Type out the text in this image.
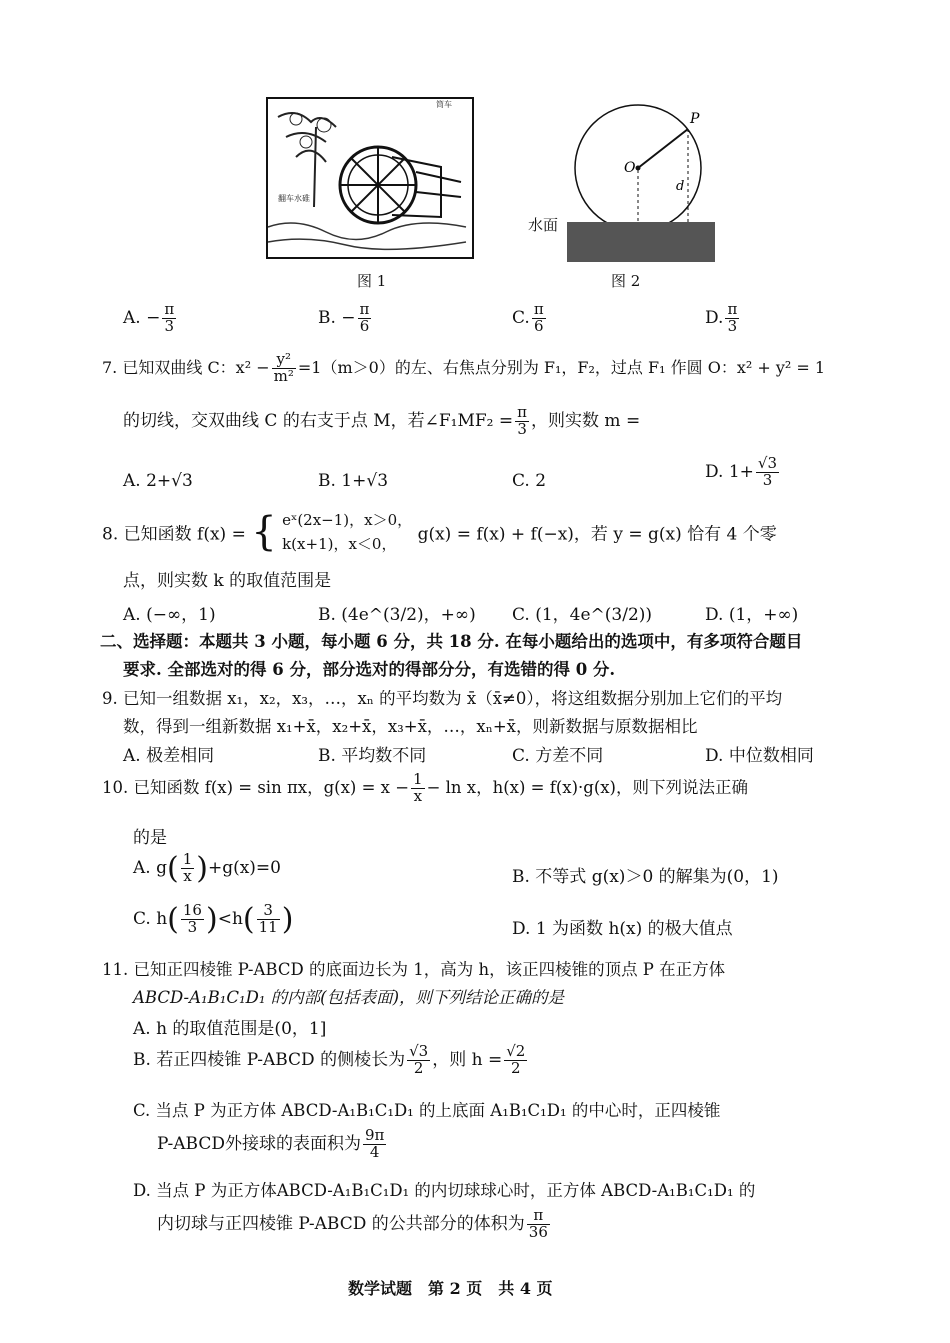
翻车水碓
筒车
图 1
P
O
d
水面
图 2
A. − $\frac{\pi}{3}$	B. − $\frac{\pi}{6}$	C. $\frac{\pi}{6}$	D. $\frac{\pi}{3}$
7. 已知双曲线 C：$x^2 - \frac{\text{y²}}{\text{m²}} =1(m>0)$的左、右焦点分别为 F₁，F₂，过点 F₁ 作圆 O：x² + y² = 1
的切线，交双曲线 C 的右支于点 M，若∠F₁MF₂ = $\frac{\pi}{3}$ ，则实数 m =
A. 2+√3	B. 1+√3	C. 2	D. $1+ \frac{√3}{3}$
8. 已知函数 f(x) = { eˣ(2x−1)，x＞0，
k(x+1)，x＜0，	g(x) = f(x) + f(−x)，若 y = g(x) 恰有 4 个零
点，则实数 k 的取值范围是
A. (−∞，1)	B. (4e^(3/2)，+∞) C. (1，4e^(3/2))	D. (1，+∞)
二、选择题：本题共 3 小题，每小题 6 分，共 18 分. 在每小题给出的选项中，有多项符合题目
要求. 全部选对的得 6 分，部分选对的得部分分，有选错的得 0 分.
9. 已知一组数据 x₁，x₂，x₃，…，xₙ 的平均数为 x̄（x̄≠0），将这组数据分别加上它们的平均
数，得到一组新数据 x₁+x̄，x₂+x̄，x₃+x̄，…，xₙ+x̄，则新数据与原数据相比
A. 极差相同	B. 平均数不同	C. 方差不同	D. 中位数相同
10. 已知函数 f(x) = sin πx，$g(x) = x - \frac{1}{x} - \ln x$，h(x) = f(x)·g(x)，则下列说法正确
的是
A. $g( \frac{1}{x} )+g(x)=0$	B. 不等式 g(x)＞0 的解集为(0，1)
C. $h( \frac{16}{3} )<h( \frac{3}{11}$ )	D. 1 为函数 h(x) 的极大值点
11. 已知正四棱锥 P-ABCD 的底面边长为 1，高为 h，该正四棱锥的顶点 P 在正方体
ABCD-A₁B₁C₁D₁ 的内部(包括表面)，则下列结论正确的是
A. h 的取值范围是(0，1]
B. 若正四棱锥 P-ABCD 的侧棱长为 $\frac{√3}{2}$ ，则 $h = \frac{√2}{2}$
C. 当点 P 为正方体 ABCD-A₁B₁C₁D₁ 的上底面 A₁B₁C₁D₁ 的中心时，正四棱锥
P-ABCD外接球的表面积为 $\frac{9\pi}{4}$
D. 当点 P 为正方体ABCD-A₁B₁C₁D₁ 的内切球球心时，正方体 ABCD-A₁B₁C₁D₁ 的
内切球与正四棱锥 P-ABCD 的公共部分的体积为 $\frac{\pi}{36}$
数学试题　第 2 页　共 4 页
